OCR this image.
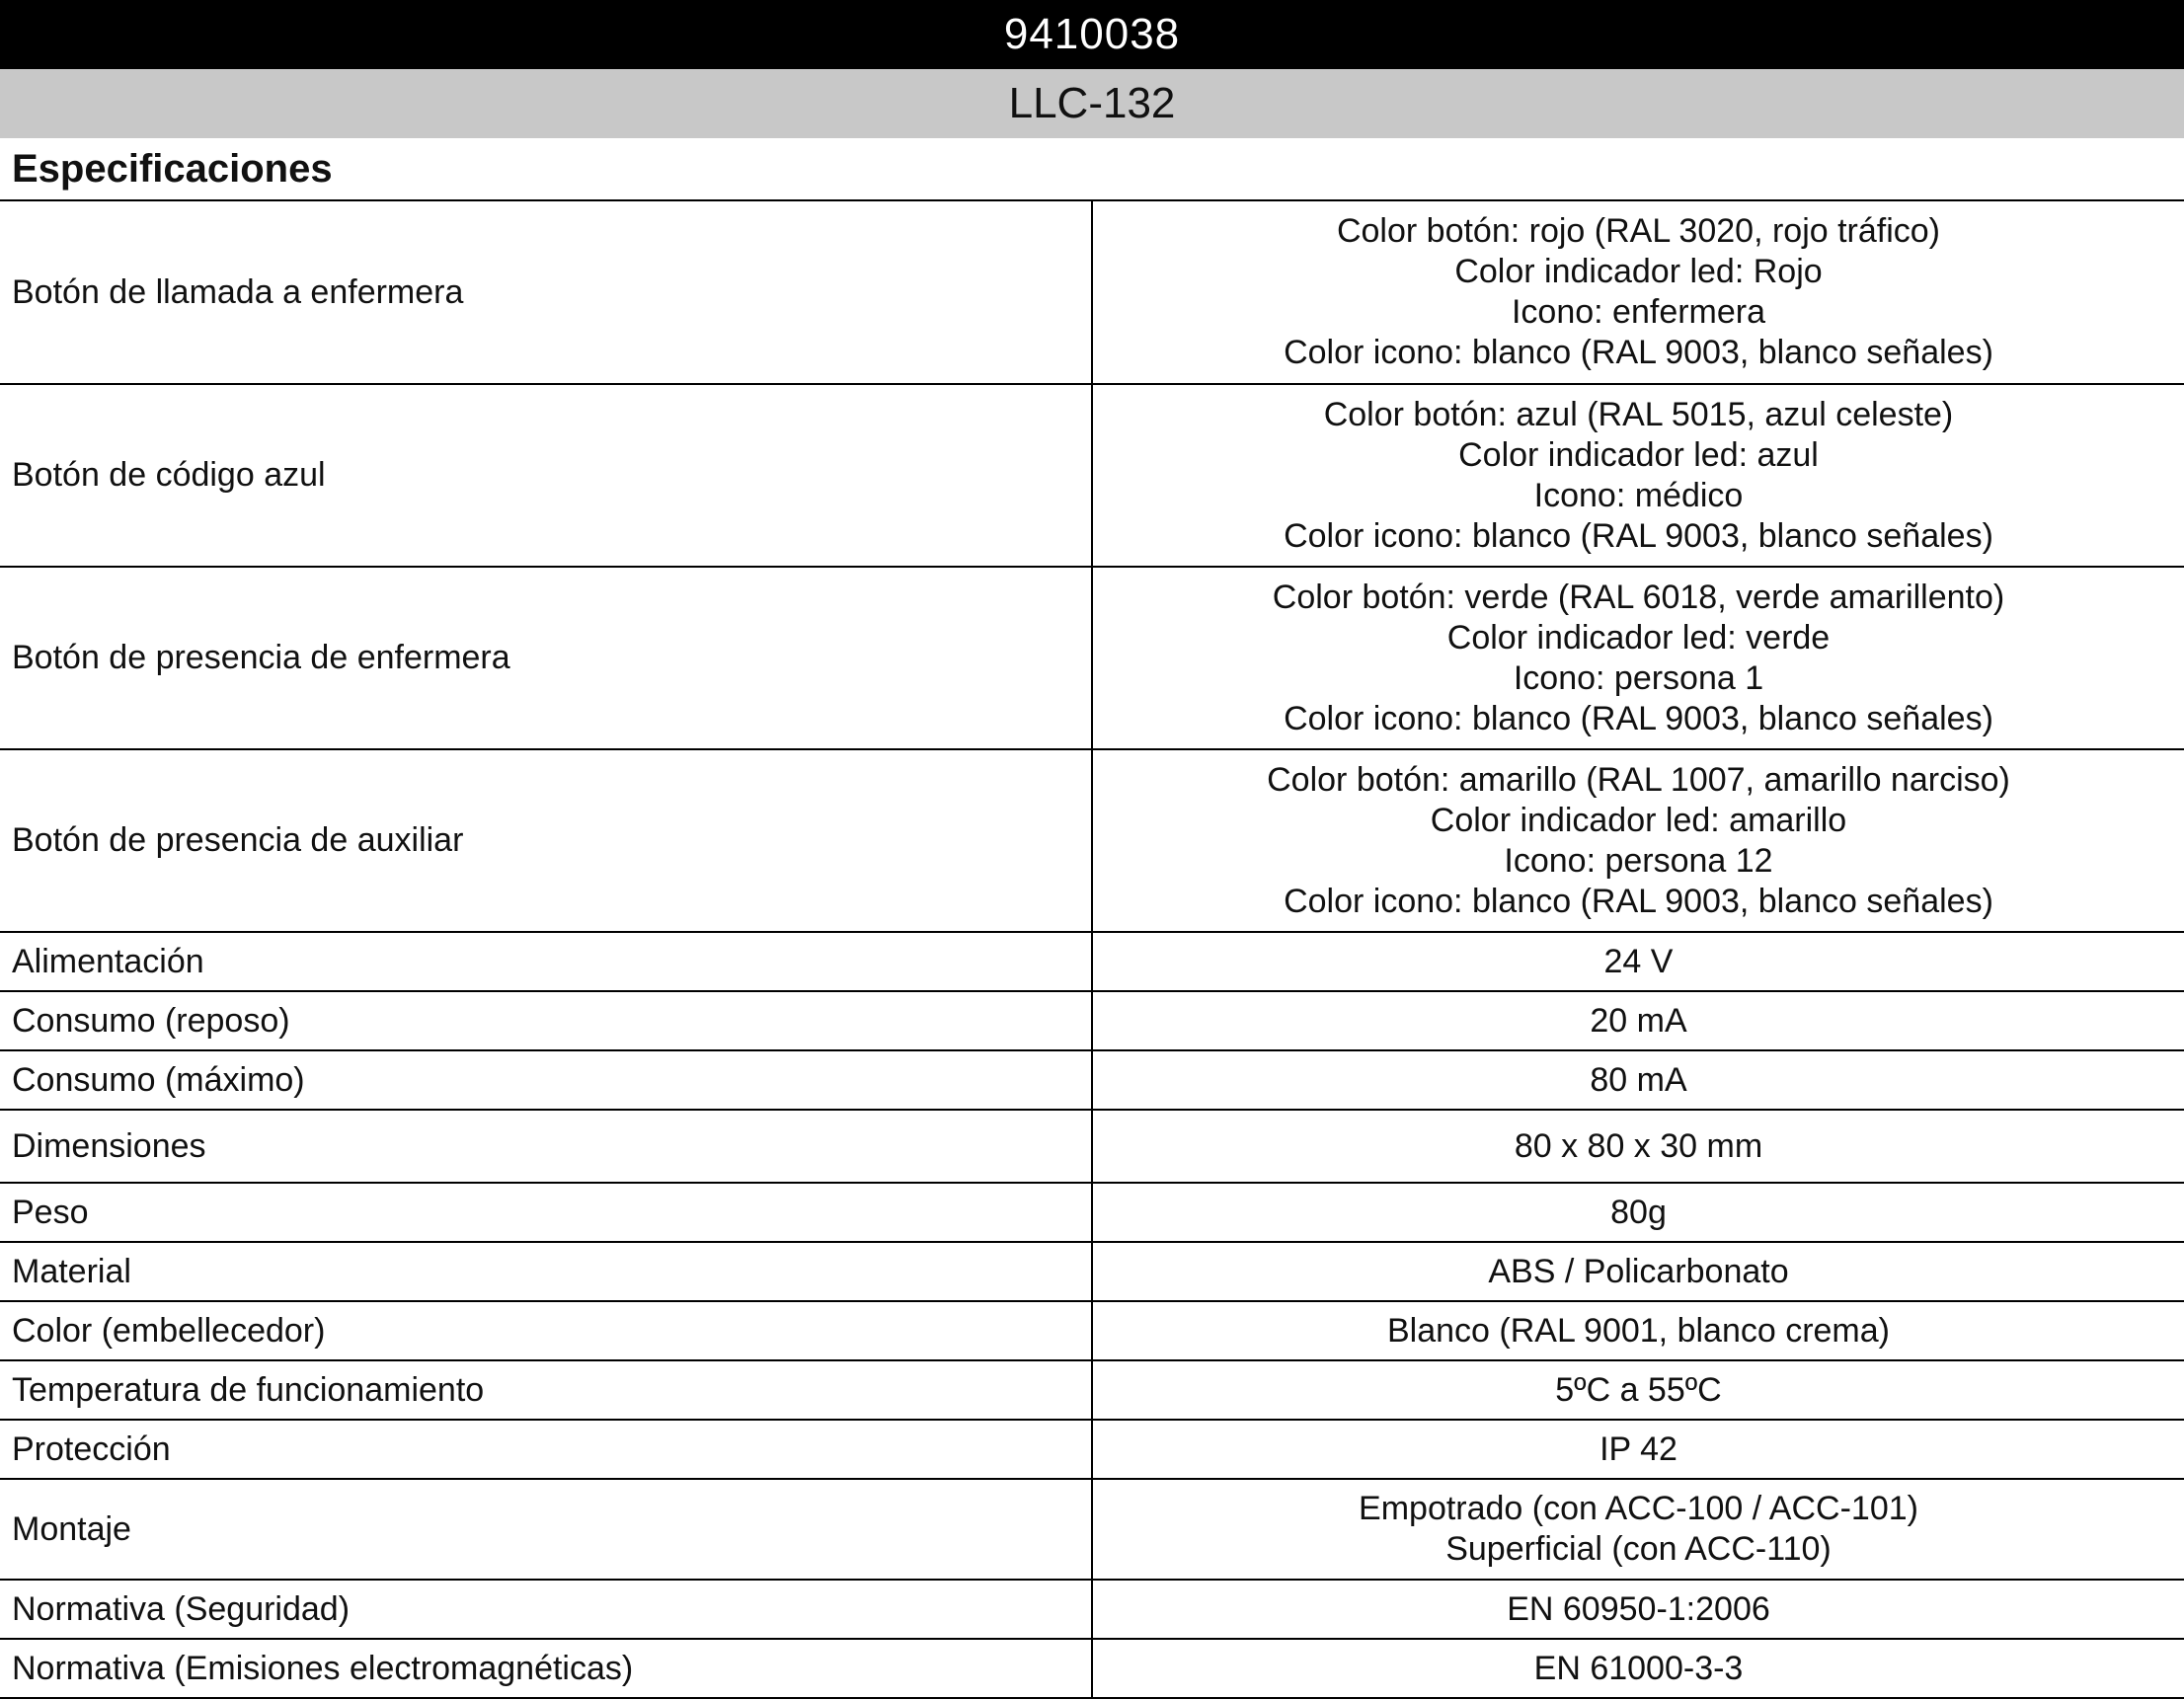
9410038
LLC-132
Especificaciones
Botón de llamada a enfermera	Color botón: rojo (RAL 3020, rojo tráfico)
Color indicador led: Rojo
Icono: enfermera
Color icono: blanco (RAL 9003, blanco señales)

Botón de código azul	Color botón: azul (RAL 5015, azul celeste)
Color indicador led: azul
Icono: médico
Color icono: blanco (RAL 9003, blanco señales)

Botón de presencia de enfermera	Color botón: verde (RAL 6018, verde amarillento)
Color indicador led: verde
Icono: persona 1
Color icono: blanco (RAL 9003, blanco señales)

Botón de presencia de auxiliar	Color botón: amarillo (RAL 1007, amarillo narciso)
Color indicador led: amarillo
Icono: persona 12
Color icono: blanco (RAL 9003, blanco señales)

Alimentación	24 V

Consumo (reposo)	20 mA

Consumo (máximo)	80 mA

Dimensiones	80 x 80 x 30 mm

Peso	80g

Material	ABS / Policarbonato

Color (embellecedor)	Blanco (RAL 9001, blanco crema)

Temperatura de funcionamiento	5ºC a 55ºC

Protección	IP 42

Montaje	Empotrado (con ACC-100 / ACC-101)
Superficial (con ACC-110)

Normativa (Seguridad)	EN 60950-1:2006

Normativa (Emisiones electromagnéticas)	EN 61000-3-3
